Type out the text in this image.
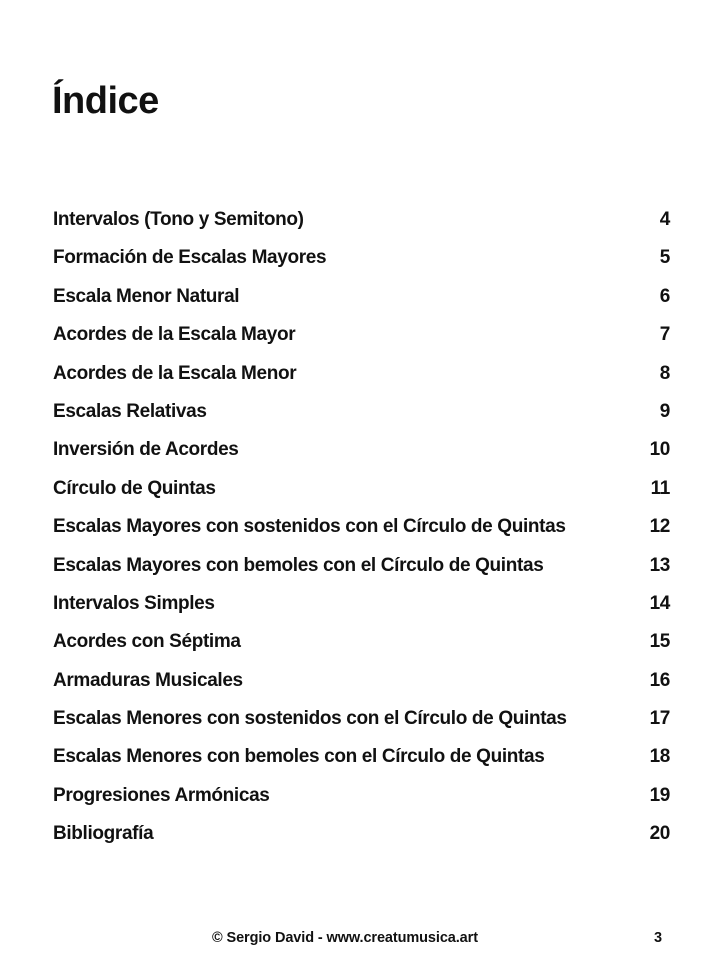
Índice
Intervalos (Tono y Semitono)	4
Formación de Escalas Mayores	5
Escala Menor Natural	6
Acordes de la Escala Mayor	7
Acordes de la Escala Menor	8
Escalas Relativas	9
Inversión de Acordes	10
Círculo de Quintas	11
Escalas Mayores con sostenidos con el Círculo de Quintas	12
Escalas Mayores con bemoles con el Círculo de Quintas	13
Intervalos Simples	14
Acordes con Séptima	15
Armaduras Musicales	16
Escalas Menores con sostenidos con el Círculo de Quintas	17
Escalas Menores con bemoles con el Círculo de Quintas	18
Progresiones Armónicas	19
Bibliografía	20
© Sergio David - www.creatumusica.art	3
